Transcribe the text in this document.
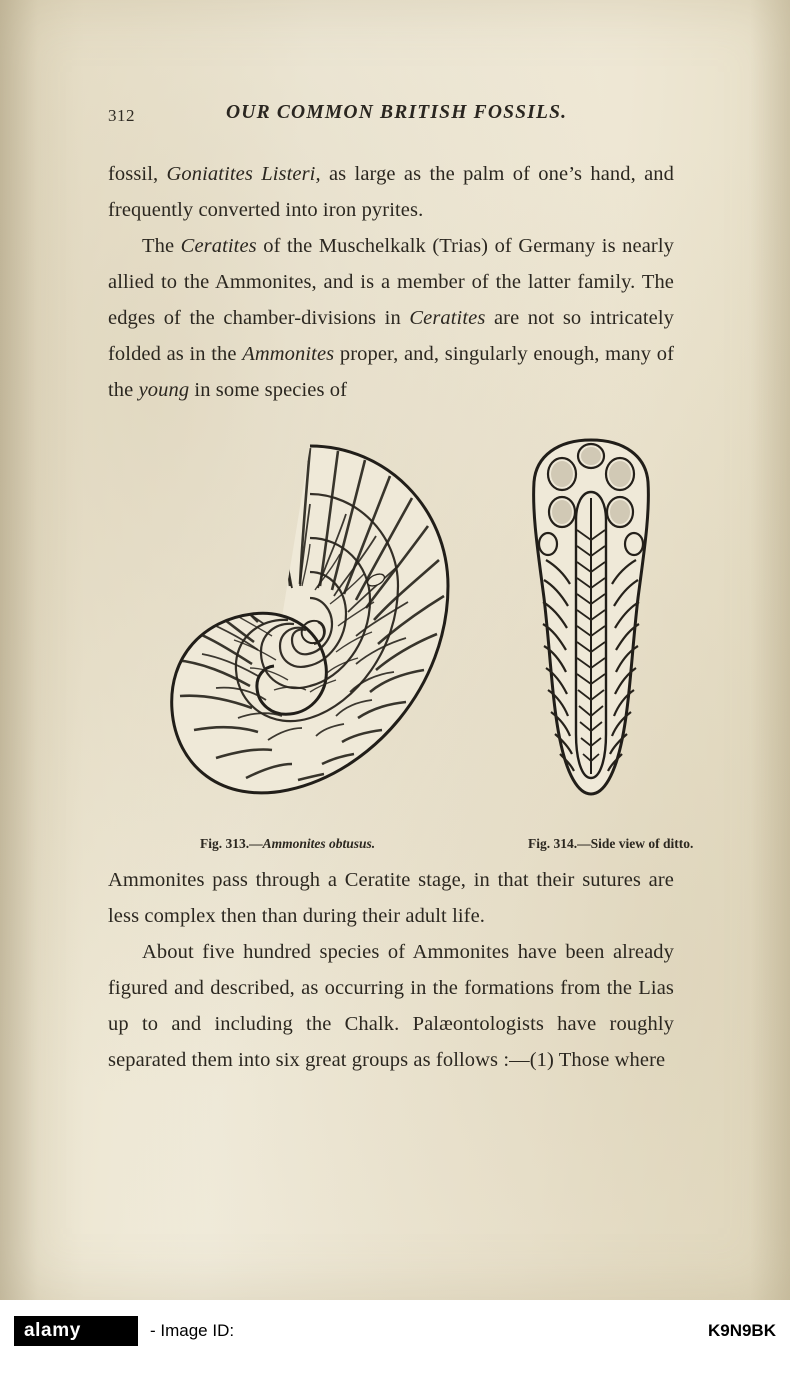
312	OUR COMMON BRITISH FOSSILS.

fossil, Goniatites Listeri, as large as the palm of one’s hand, and frequently converted into iron pyrites.

The Ceratites of the Muschelkalk (Trias) of Germany is nearly allied to the Ammonites, and is a member of the latter family. The edges of the chamber-divisions in Ceratites are not so intricately folded as in the Ammonites proper, and, singularly enough, many of the young in some species of

Fig. 313.—Ammonites obtusus.	Fig. 314.—Side view of ditto.

Ammonites pass through a Ceratite stage, in that their sutures are less complex then than during their adult life.

About five hundred species of Ammonites have been already figured and described, as occurring in the formations from the Lias up to and including the Chalk. Palæontologists have roughly separated them into six great groups as follows :—(1) Those where

alamy	- Image ID:	K9N9BK
